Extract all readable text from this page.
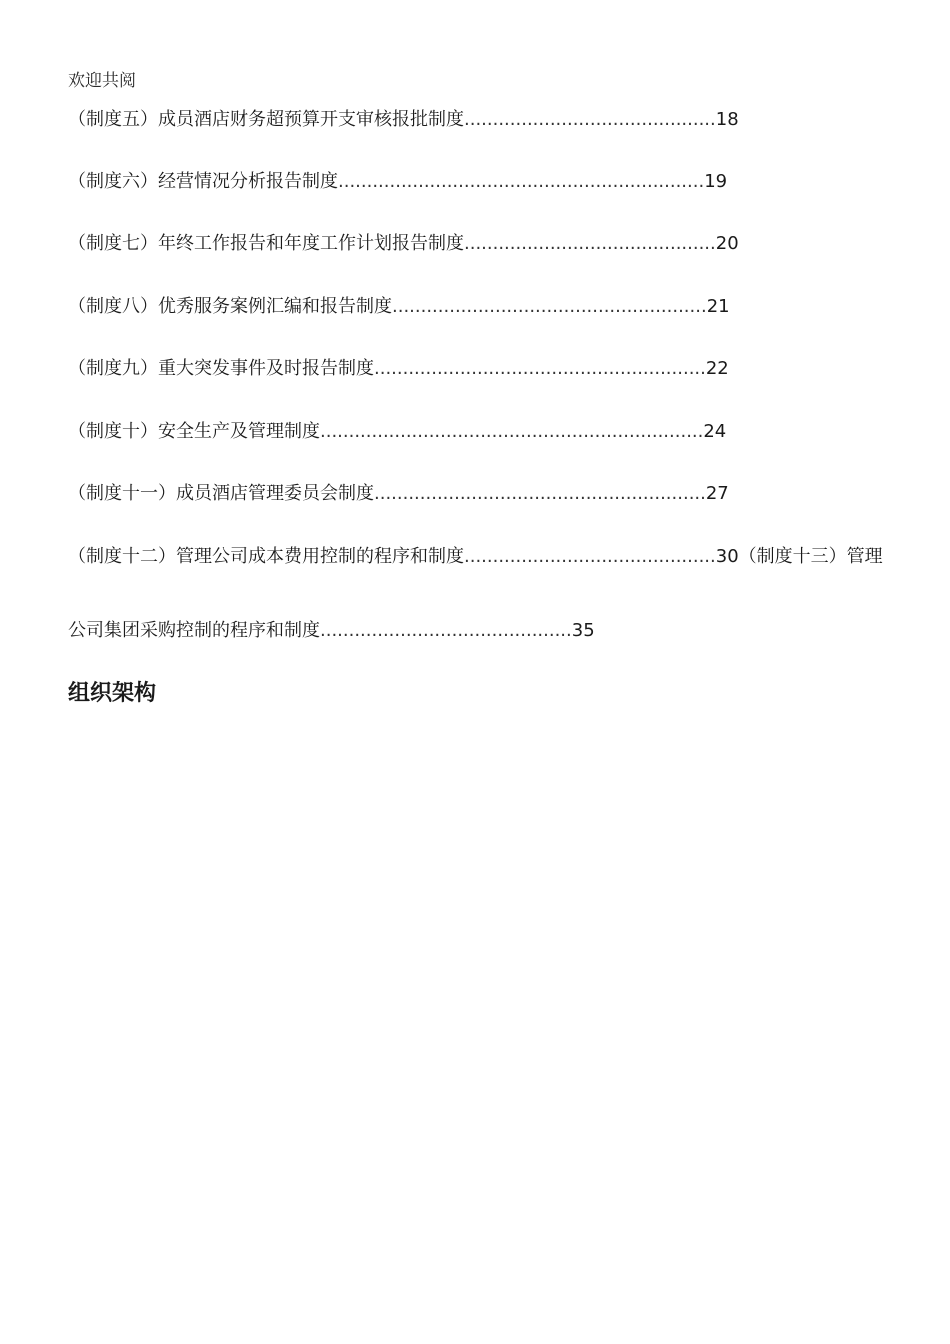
欢迎共阅
（制度五）成员酒店财务超预算开支审核报批制度............................................18
（制度六）经营情况分析报告制度................................................................19
（制度七）年终工作报告和年度工作计划报告制度............................................20
（制度八）优秀服务案例汇编和报告制度.......................................................21
（制度九）重大突发事件及时报告制度..........................................................22
（制度十）安全生产及管理制度...................................................................24
（制度十一）成员酒店管理委员会制度..........................................................27
（制度十二）管理公司成本费用控制的程序和制度............................................30（制度十三）管理
公司集团采购控制的程序和制度............................................35
组织架构
